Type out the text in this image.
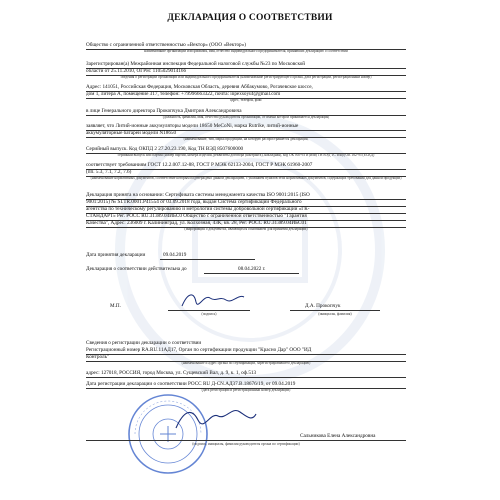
ДЕКЛАРАЦИЯ О СООТВЕТСТВИИ
Общество с ограниченной ответственностью «Вектор» (ООО «Вектор»)
наименование организации или фамилия, имя, отчество индивидуального предпринимателя, принявших декларацию о соответствии
Зарегистрирован(а) Межрайонная инспекция Федеральной налоговой службы №23 по Московской
области от 25.11.2010, ОГРН: 1105029014166
сведения о регистрации организации или индивидуального предпринимателя (наименование регистрирующего органа, дата регистрации, регистрационный номер)
Адрес: 141051, Российская Федерация, Московская Область, деревня Аббакумово, Рогачевское шоссе,
дом 1, литера А, помещение 317, телефон: +79996663322, почта: inpexsoyuf@gmail.com
адрес, телефон, факс
в лице Генерального директора Прокопчука Дмитрия Александровича
(должность, фамилия, имя, отчество руководителя организации, от имени которой принимается декларация)
заявляет, что Литий-ионные аккумуляторы модели 18650 MeCoNi, марка Rutrike, литий-ионные
аккумуляторные батареи модели N18650
(наименование, тип, марка продукции, на которую распространяется декларация,
Серийный выпуск. Код ОКПД 2 27.20.23.190, Код ТН ВЭД 8507600000
серийный выпуск или партия (номер партии, номера изделий, реквизиты договора (контракта), накладная), код ОК 005-93 и (или) ТН ВЭД ТС и код ОК 162-95 (ЕСКД)
соответствует требованиям ГОСТ 12.2.007.12-88, ГОСТ Р МЭК 62133-2004, ГОСТ Р МЭК 61960-2007
(пп. 5.3, 7.1, 7.2, 7.6)
(наименование нормативных документов, соответствие которым подтверждено данной декларацией, с указанием пунктов этих нормативных документов, содержащих требования для данной продукции)
Декларация принята на основании: Сертификата системы менеджмента качества ISO 9001:2015 (ISO
9001:2015) № SI.TR.0001.P41554 от 03.09.2018 года, выдан Система сертификации Федерального
агентства по техническому регулированию и метрологии системы добровольной сертификации «ГК-
СТАНДАРТ» Рег. РОСС RU.31389.04ИБС0 Общество с ограниченной ответственностью "Гарантия
Качества", Адрес: 236009 г. Калининград, ул. Колхозная, 43К, кв. 28, Рег. РОСС RU.31389.04ИБС01
(информация о документах, являющихся основанием для принятия декларации)
Дата принятия декларации	09.04.2019
Декларация о соответствии действительна до	08.04.2022 г.
М.П.
(подпись)
Д.А. Прокопчук
(инициалы, фамилия)
Сведения о регистрации декларации о соответствии
Регистрационный номер RA.RU.11АД17, Орган по сертификации продукции "Красно Дар" ООО "ИД
Контроль"
(наименование и адрес органа по сертификации, зарегистрировавшего декларацию)
адрес: 127018, РОССИЯ, город Москва, ул. Сущевский Вал, д. 9, к. 1, оф.513
Дата регистрации декларации о соответствии РОСС RU Д-CN.АД37.В.18676/19, от 09.04.2019
(дата регистрации и регистрационный номер декларации)
Сальникова Елена Александровна
(подпись, инициалы, фамилия руководителя органа по сертификации)
